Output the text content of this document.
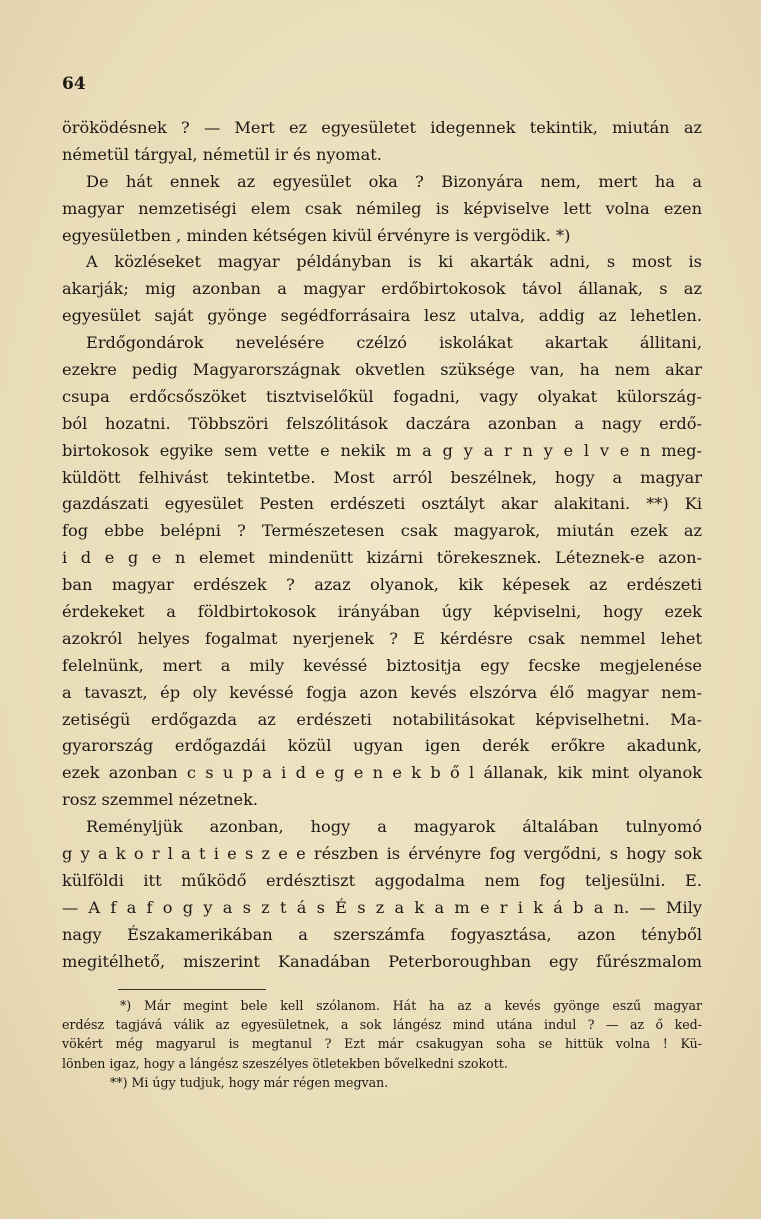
64
öröködésnek ? — Mert ez egyesületet idegennek tekintik, miután az
németül tárgyal, németül ir és nyomat.
De hát ennek az egyesület oka ? Bizonyára nem, mert ha a
magyar nemzetiségi elem csak némileg is képviselve lett volna ezen
egyesületben , minden kétségen kivül érvényre is vergödik. *)
A közléseket magyar példányban is ki akarták adni, s most is
akarják; mig azonban a magyar erdőbirtokosok távol állanak, s az
egyesület saját gyönge segédforrásaira lesz utalva, addig az lehetlen.
Erdőgondárok nevelésére czélzó iskolákat akartak állitani,
ezekre pedig Magyarországnak okvetlen szüksége van, ha nem akar
csupa erdőcsőszöket tisztviselőkül fogadni, vagy olyakat külország-
ból hozatni. Többszöri felszólitások daczára azonban a nagy erdő-
birtokosok egyike sem vette e nekik m a g y a r n y e l v e n meg-
küldött felhivást tekintetbe. Most arról beszélnek, hogy a magyar
gazdászati egyesület Pesten erdészeti osztályt akar alakitani. **) Ki
fog ebbe belépni ? Természetesen csak magyarok, miután ezek az
i d e g e n elemet mindenütt kizárni törekesznek. Léteznek-e azon-
ban magyar erdészek ? azaz olyanok, kik képesek az erdészeti
érdekeket a földbirtokosok irányában úgy képviselni, hogy ezek
azokról helyes fogalmat nyerjenek ? E kérdésre csak nemmel lehet
felelnünk, mert a mily kevéssé biztositja egy fecske megjelenése
a tavaszt, ép oly kevéssé fogja azon kevés elszórva élő magyar nem-
zetiségü erdőgazda az erdészeti notabilitásokat képviselhetni. Ma-
gyarország erdőgazdái közül ugyan igen derék erőkre akadunk,
ezek azonban c s u p a i d e g e n e k b ő l állanak, kik mint olyanok
rosz szemmel nézetnek.
Reményljük azonban, hogy a magyarok általában tulnyomó
g y a k o r l a t i e s z e e részben is érvényre fog vergődni, s hogy sok
külföldi itt működő erdésztiszt aggodalma nem fog teljesülni. E.
— A f a f o g y a s z t á s É s z a k a m e r i k á b a n. — Mily
nagy Északamerikában a szerszámfa fogyasztása, azon tényből
megitélhető, miszerint Kanadában Peterboroughban egy fűrészmalom
*) Már megint bele kell szólanom. Hát ha az a kevés gyönge eszű magyar
erdész tagjává válik az egyesületnek, a sok lángész mind utána indul ? — az ő ked-
vökért még magyarul is megtanul ? Ezt már csakugyan soha se hittük volna ! Kü-
lönben igaz, hogy a lángész szeszélyes ötletekben bővelkedni szokott.
**) Mi úgy tudjuk, hogy már régen megvan.
